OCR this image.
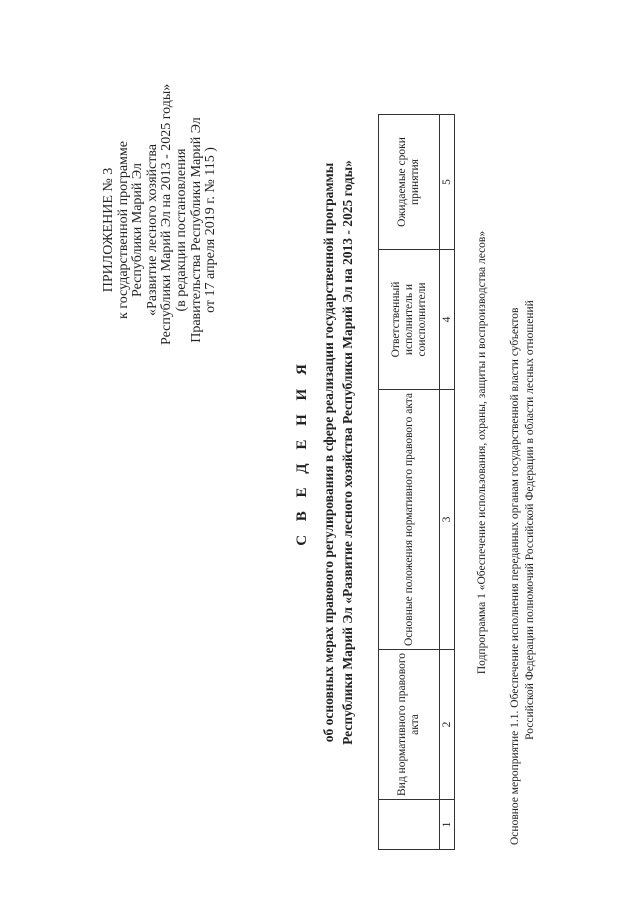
ПРИЛОЖЕНИЕ № 3 к государственной программе Республики Марий Эл «Развитие лесного хозяйства Республики Марий Эл на 2013 - 2025 годы» (в редакции постановления Правительства Республики Марий Эл от 17 апреля 2019 г. № 115 )
С В Е Д Е Н И Я об основных мерах правового регулирования в сфере реализации государственной программы Республики Марий Эл «Развитие лесного хозяйства Республики Марий Эл на 2013 - 2025 годы»
		Вид нормативного правового акта	Основные положения нормативного правового акта	Ответственный исполнитель и соисполнители	Ожидаемые сроки принятия
1	2	3	4	5
Подпрограмма 1 «Обеспечение использования, охраны, защиты и воспроизводства лесов» Основное мероприятие 1.1. Обеспечение исполнения переданных органам государственной власти субъектов Российской Федерации полномочий Российской Федерации в области лесных отношений
